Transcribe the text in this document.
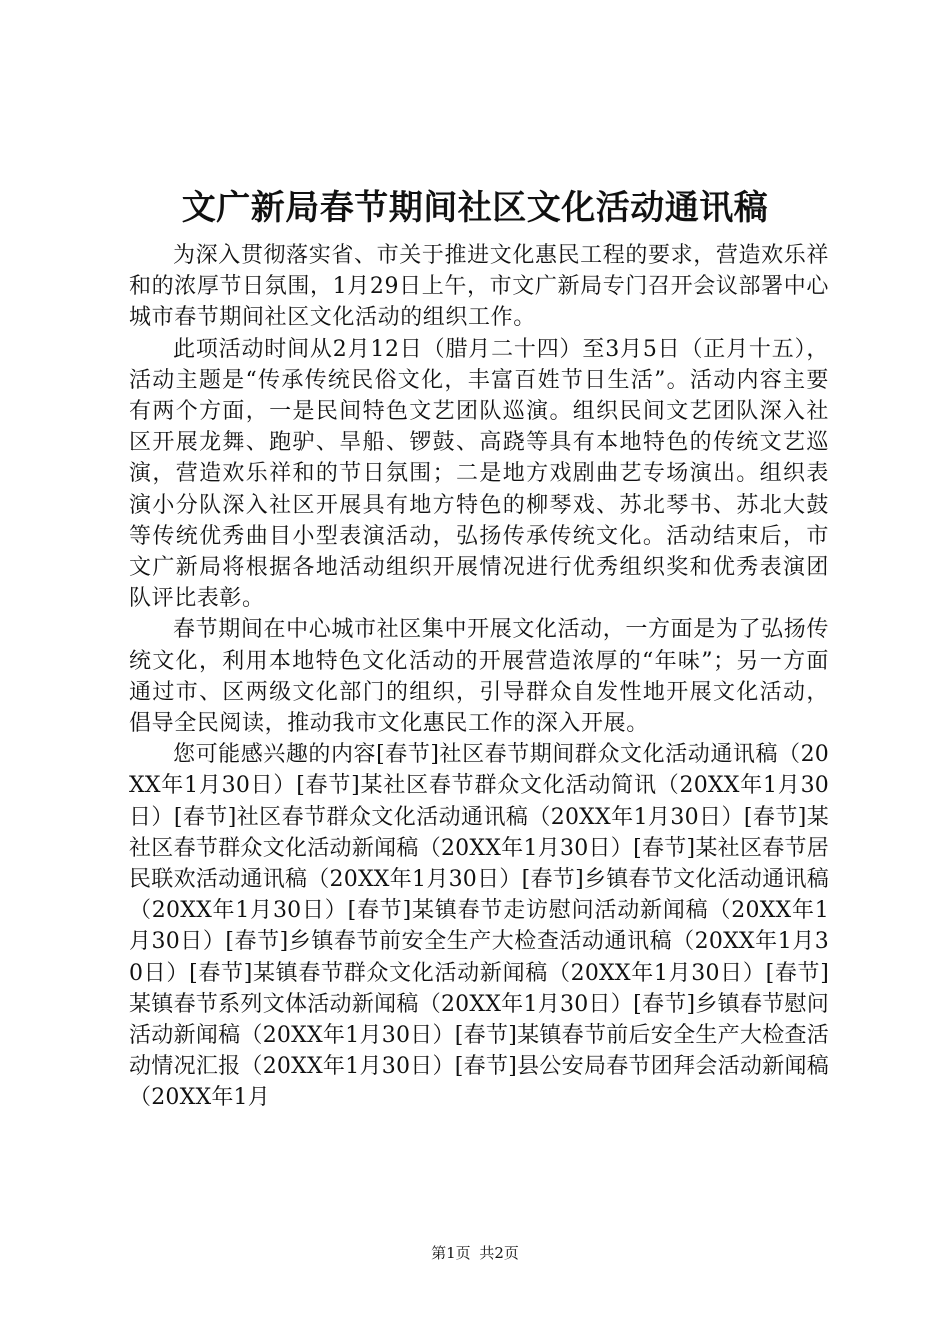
文广新局春节期间社区文化活动通讯稿

为深入贯彻落实省、市关于推进文化惠民工程的要求，营造欢乐祥和的浓厚节日氛围，1月29日上午，市文广新局专门召开会议部署中心城市春节期间社区文化活动的组织工作。

此项活动时间从2月12日（腊月二十四）至3月5日（正月十五），活动主题是“传承传统民俗文化，丰富百姓节日生活”。活动内容主要有两个方面，一是民间特色文艺团队巡演。组织民间文艺团队深入社区开展龙舞、跑驴、旱船、锣鼓、高跷等具有本地特色的传统文艺巡演，营造欢乐祥和的节日氛围；二是地方戏剧曲艺专场演出。组织表演小分队深入社区开展具有地方特色的柳琴戏、苏北琴书、苏北大鼓等传统优秀曲目小型表演活动，弘扬传承传统文化。活动结束后，市文广新局将根据各地活动组织开展情况进行优秀组织奖和优秀表演团队评比表彰。

春节期间在中心城市社区集中开展文化活动，一方面是为了弘扬传统文化，利用本地特色文化活动的开展营造浓厚的“年味”；另一方面通过市、区两级文化部门的组织，引导群众自发性地开展文化活动，倡导全民阅读，推动我市文化惠民工作的深入开展。

您可能感兴趣的内容[春节]社区春节期间群众文化活动通讯稿（20XX年1月30日）[春节]某社区春节群众文化活动简讯（20XX年1月30日）[春节]社区春节群众文化活动通讯稿（20XX年1月30日）[春节]某社区春节群众文化活动新闻稿（20XX年1月30日）[春节]某社区春节居民联欢活动通讯稿（20XX年1月30日）[春节]乡镇春节文化活动通讯稿（20XX年1月30日）[春节]某镇春节走访慰问活动新闻稿（20XX年1月30日）[春节]乡镇春节前安全生产大检查活动通讯稿（20XX年1月30日）[春节]某镇春节群众文化活动新闻稿（20XX年1月30日）[春节]某镇春节系列文体活动新闻稿（20XX年1月30日）[春节]乡镇春节慰问活动新闻稿（20XX年1月30日）[春节]某镇春节前后安全生产大检查活动情况汇报（20XX年1月30日）[春节]县公安局春节团拜会活动新闻稿（20XX年1月

第1页 共2页
